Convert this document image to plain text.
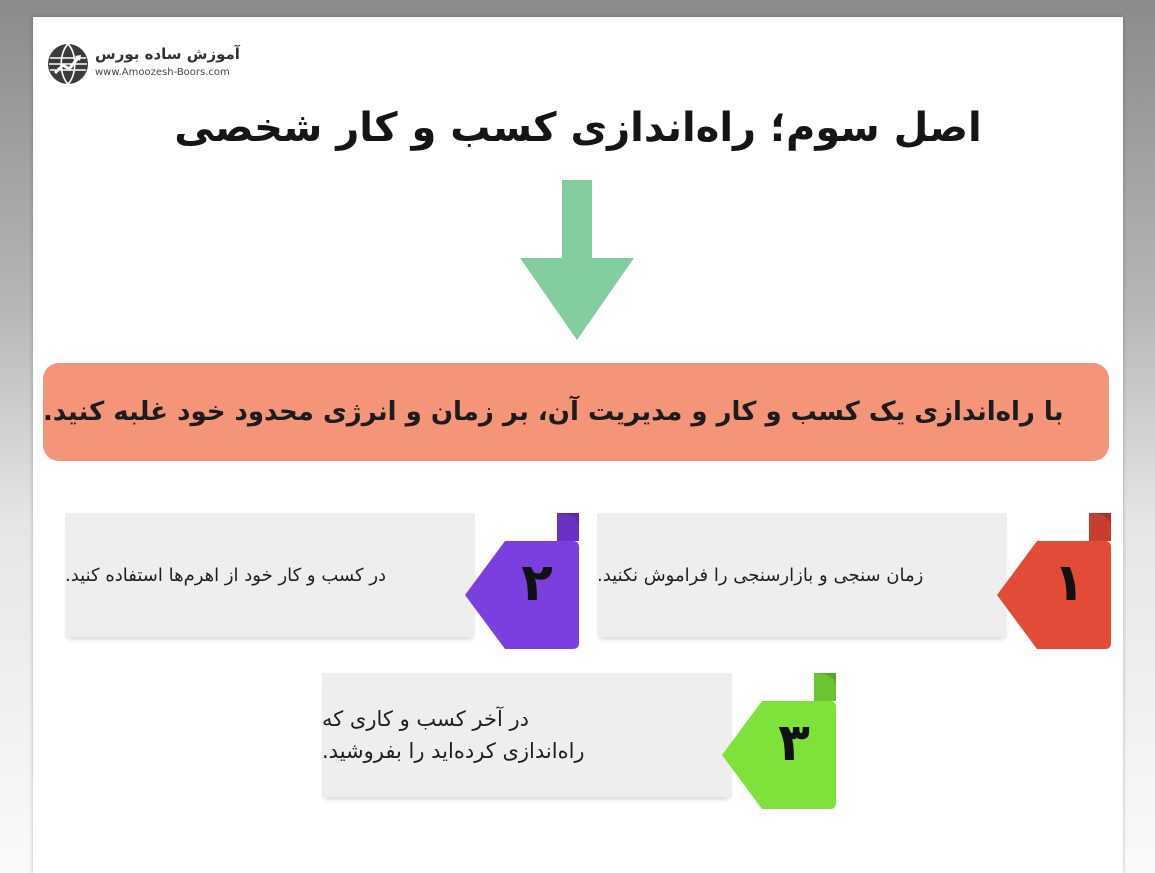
آموزش ساده بورس
www.Amoozesh-Boors.com
اصل سوم؛ راه‌اندازی کسب و کار شخصی
با راه‌اندازی یک کسب و کار و مدیریت آن، بر زمان و انرژی محدود خود غلبه کنید.
زمان سنجی و بازارسنجی را فراموش نکنید.	۱
در کسب و کار خود از اهرم‌ها استفاده کنید.	۲
در آخر کسب و کاری که
راه‌اندازی کرده‌اید را بفروشید.	۳
